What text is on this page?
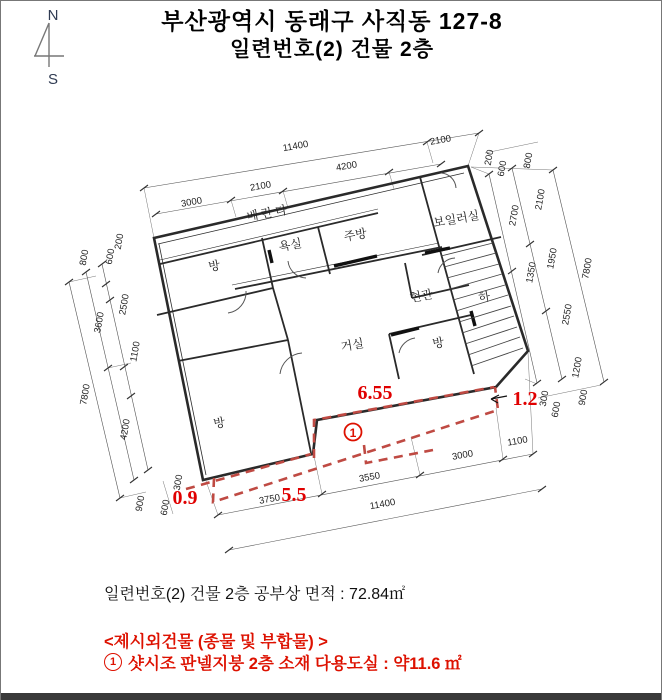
N
S
1
6.55
0.9	5.5
1.2
베란다
방
욕실
주방
보일러실
현관	하
거실	방
방
11400	2100
3000
2100
4200
200
600 800
2700
2100
1350
1950 7800
2550
1200
300
600
900
200
800 600
2500
3600
1100
7800
4200
900 600
300
3750
3550
3000
1100
11400
부산광역시 동래구 사직동 127-8
일련번호(2) 건물 2층
일련번호(2) 건물 2층 공부상 면적 : 72.84㎡
<제시외건물 (종물 및 부합물) >
1 샷시조 판넬지붕 2층 소재 다용도실 : 약11.6 ㎡
